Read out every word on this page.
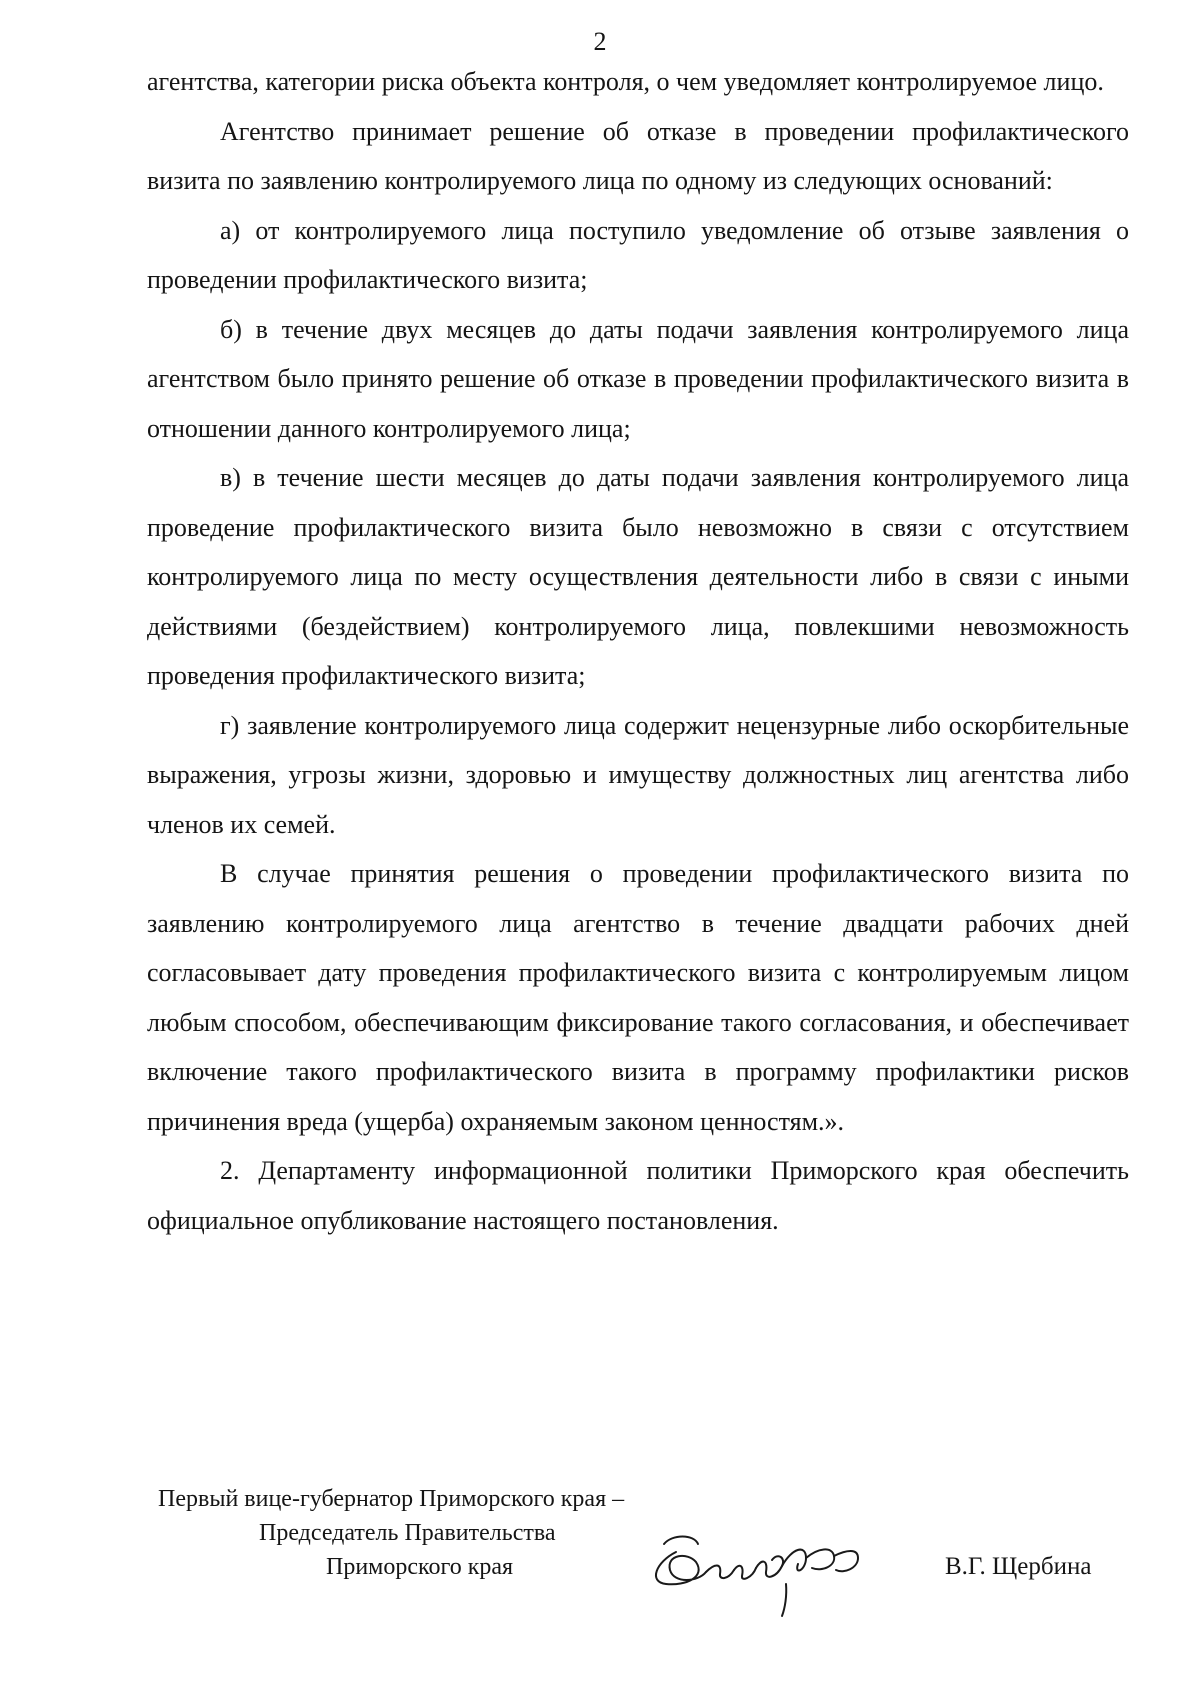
2

агентства, категории риска объекта контроля, о чем уведомляет контролируемое лицо.

Агентство принимает решение об отказе в проведении профилактического визита по заявлению контролируемого лица по одному из следующих оснований:

а) от контролируемого лица поступило уведомление об отзыве заявления о проведении профилактического визита;

б) в течение двух месяцев до даты подачи заявления контролируемого лица агентством было принято решение об отказе в проведении профилактического визита в отношении данного контролируемого лица;

в) в течение шести месяцев до даты подачи заявления контролируемого лица проведение профилактического визита было невозможно в связи с отсутствием контролируемого лица по месту осуществления деятельности либо в связи с иными действиями (бездействием) контролируемого лица, повлекшими невозможность проведения профилактического визита;

г) заявление контролируемого лица содержит нецензурные либо оскорбительные выражения, угрозы жизни, здоровью и имуществу должностных лиц агентства либо членов их семей.

В случае принятия решения о проведении профилактического визита по заявлению контролируемого лица агентство в течение двадцати рабочих дней согласовывает дату проведения профилактического визита с контролируемым лицом любым способом, обеспечивающим фиксирование такого согласования, и обеспечивает включение такого профилактического визита в программу профилактики рисков причинения вреда (ущерба) охраняемым законом ценностям.».

2. Департаменту информационной политики Приморского края обеспечить официальное опубликование настоящего постановления.

Первый вице-губернатор Приморского края –
Председатель Правительства
Приморского края	В.Г. Щербина
